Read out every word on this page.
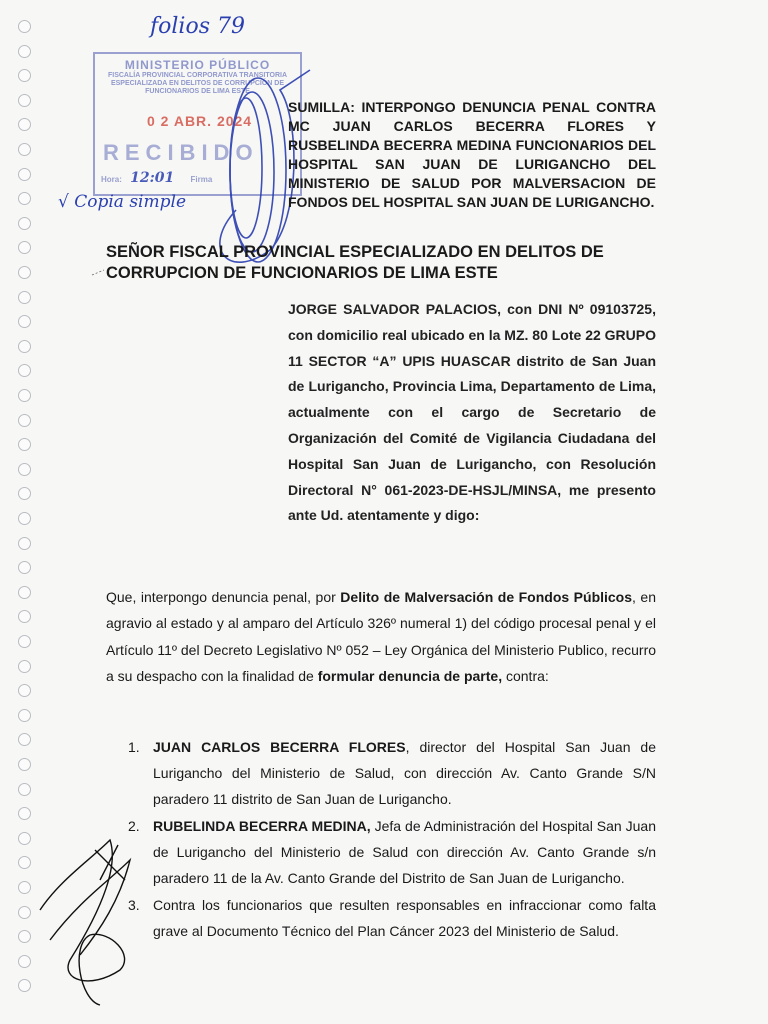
folios 79
MINISTERIO PÚBLICO
FISCALÍA PROVINCIAL CORPORATIVA TRANSITORIA ESPECIALIZADA EN DELITOS DE CORRUPCIÓN DE FUNCIONARIOS DE LIMA ESTE
0 2 ABR. 2024
RECIBIDO
Hora: 12:01 Firma
√ Copia simple
SUMILLA: INTERPONGO DENUNCIA PENAL CONTRA MC JUAN CARLOS BECERRA FLORES Y RUSBELINDA BECERRA MEDINA FUNCIONARIOS DEL HOSPITAL SAN JUAN DE LURIGANCHO DEL MINISTERIO DE SALUD POR MALVERSACION DE FONDOS DEL HOSPITAL SAN JUAN DE LURIGANCHO.
SEÑOR FISCAL PROVINCIAL ESPECIALIZADO EN DELITOS DE CORRUPCION DE FUNCIONARIOS DE LIMA ESTE
JORGE SALVADOR PALACIOS, con DNI Nº 09103725, con domicilio real ubicado en la MZ. 80 Lote 22 GRUPO 11 SECTOR “A” UPIS HUASCAR distrito de San Juan de Lurigancho, Provincia Lima, Departamento de Lima, actualmente con el cargo de Secretario de Organización del Comité de Vigilancia Ciudadana del Hospital San Juan de Lurigancho, con Resolución Directoral N° 061-2023-DE-HSJL/MINSA, me presento ante Ud. atentamente y digo:
Que, interpongo denuncia penal, por Delito de Malversación de Fondos Públicos, en agravio al estado y al amparo del Artículo 326º numeral 1) del código procesal penal y el Artículo 11º del Decreto Legislativo Nº 052 – Ley Orgánica del Ministerio Publico, recurro a su despacho con la finalidad de formular denuncia de parte, contra:
1. JUAN CARLOS BECERRA FLORES, director del Hospital San Juan de Lurigancho del Ministerio de Salud, con dirección Av. Canto Grande S/N paradero 11 distrito de San Juan de Lurigancho.
2. RUBELINDA BECERRA MEDINA, Jefa de Administración del Hospital San Juan de Lurigancho del Ministerio de Salud con dirección Av. Canto Grande s/n paradero 11 de la Av. Canto Grande del Distrito de San Juan de Lurigancho.
3. Contra los funcionarios que resulten responsables en infraccionar como falta grave al Documento Técnico del Plan Cáncer 2023 del Ministerio de Salud.
